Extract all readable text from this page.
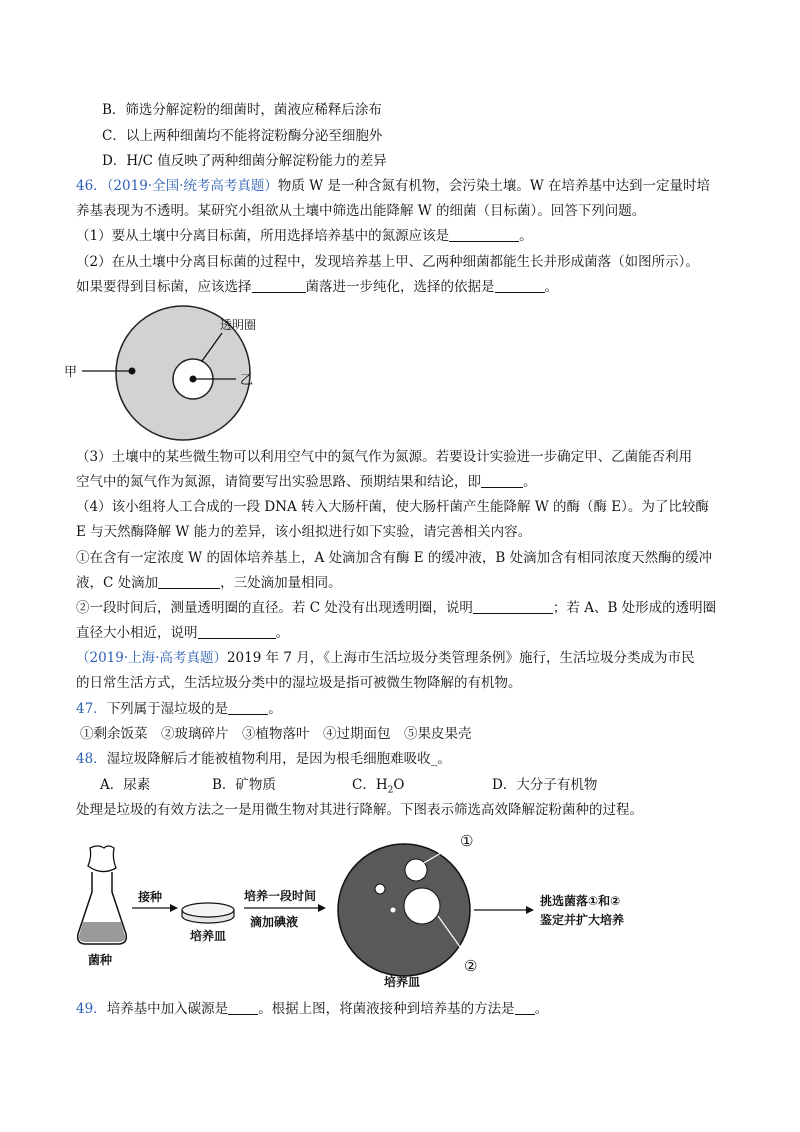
B．筛选分解淀粉的细菌时，菌液应稀释后涂布
C．以上两种细菌均不能将淀粉酶分泌至细胞外
D．H/C 值反映了两种细菌分解淀粉能力的差异
46．（2019·全国·统考高考真题）物质 W 是一种含氮有机物，会污染土壤。W 在培养基中达到一定量时培
养基表现为不透明。某研究小组欲从土壤中筛选出能降解 W 的细菌（目标菌）。回答下列问题。
（1）要从土壤中分离目标菌，所用选择培养基中的氮源应该是	。
（2）在从土壤中分离目标菌的过程中，发现培养基上甲、乙两种细菌都能生长并形成菌落（如图所示）。
如果要得到目标菌，应该选择	菌落进一步纯化，选择的依据是	。
透明圈
甲
乙
（3）土壤中的某些微生物可以利用空气中的氮气作为氮源。若要设计实验进一步确定甲、乙菌能否利用
空气中的氮气作为氮源，请简要写出实验思路、预期结果和结论，即	。
（4）该小组将人工合成的一段 DNA 转入大肠杆菌，使大肠杆菌产生能降解 W 的酶（酶 E）。为了比较酶
E 与天然酶降解 W 能力的差异，该小组拟进行如下实验，请完善相关内容。
①在含有一定浓度 W 的固体培养基上，A 处滴加含有酶 E 的缓冲液，B 处滴加含有相同浓度天然酶的缓冲
液，C 处滴加	，三处滴加量相同。
②一段时间后，测量透明圈的直径。若 C 处没有出现透明圈，说明	；若 A、B 处形成的透明圈
直径大小相近，说明	。
（2019·上海·高考真题）2019 年 7 月，《上海市生活垃圾分类管理条例》施行，生活垃圾分类成为市民
的日常生活方式，生活垃圾分类中的湿垃圾是指可被微生物降解的有机物。
47．下列属于湿垃圾的是	。
①剩余饭菜　②玻璃碎片　③植物落叶　④过期面包　⑤果皮果壳
48．湿垃圾降解后才能被植物利用，是因为根毛细胞难吸收_。
A．尿素	B．矿物质	C．$H_2O$	D．大分子有机物
处理是垃圾的有效方法之一是用微生物对其进行降解。下图表示筛选高效降解淀粉菌种的过程。
菌种
接种
培养皿
培养一段时间
滴加碘液
①
②
培养皿
挑选菌落①和②
鉴定并扩大培养
49．培养基中加入碳源是 。根据上图，将菌液接种到培养基的方法是 。
